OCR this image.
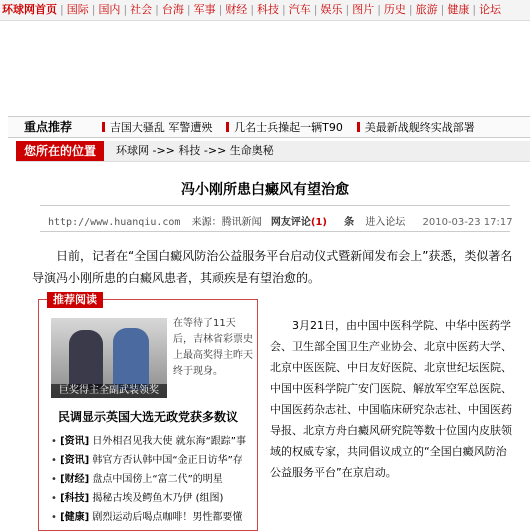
环球网首页 | 国际 | 国内 | 社会 | 台海 | 军事 | 财经 | 科技 | 汽车 | 娱乐 | 图片 | 历史 | 旅游 | 健康 | 论坛
重点推荐	吉国大骚乱 军警遭殃 几名士兵操起一辆T90 美最新战舰终实战部署
您所在的位置	环球网 ->> 科技 ->> 生命奥秘
冯小刚所患白癜风有望治愈
http://www.huanqiu.com 来源：腾讯新闻 网友评论(1) 条 进入论坛 2010-03-23 17:17
日前，记者在“全国白癜风防治公益服务平台启动仪式暨新闻发布会上”获悉，类似著名导演冯小刚所患的白癜风患者，其顽疾是有望治愈的。
推荐阅读
巨奖得主全副武装领奖
在等待了11天后，吉林省彩票史上最高奖得主昨天终于现身。
民调显示英国大选无政党获多数议
• [资讯] 日外相召见我大使 就东海“跟踪”事
• [资讯] 韩官方否认韩中国“金正日访华”存
• [财经] 盘点中国傍上“富二代”的明星
• [科技] 揭秘古埃及鳄鱼木乃伊 (组图)
• [健康] 剧烈运动后喝点咖啡！男性都要懂
3月21日，由中国中医科学院、中华中医药学会、卫生部全国卫生产业协会、北京中医药大学、北京中医医院、中日友好医院、北京世纪坛医院、中国中医科学院广安门医院、解放军空军总医院、中国医药杂志社、中国临床研究杂志社、中国医药导报、北京方舟白癜风研究院等数十位国内皮肤领域的权威专家，共同倡议成立的“全国白癜风防治公益服务平台”在京启动。
